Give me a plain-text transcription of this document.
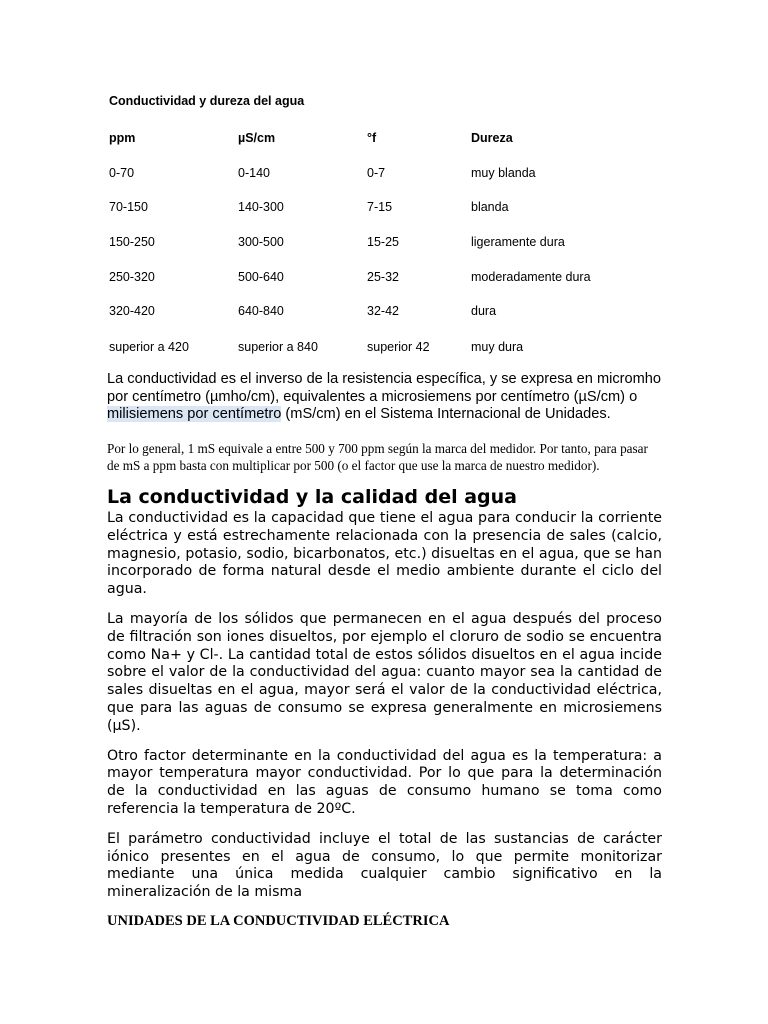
Conductividad y dureza del agua
ppm	µS/cm	°f	Dureza
0-70	0-140	0-7	muy blanda
70-150	140-300	7-15	blanda
150-250	300-500	15-25	ligeramente dura
250-320	500-640	25-32	moderadamente dura
320-420	640-840	32-42	dura
superior a 420	superior a 840	superior 42	muy dura
La conductividad es el inverso de la resistencia específica, y se expresa en micromho por centímetro (µmho/cm), equivalentes a microsiemens por centímetro (µS/cm) o milisiemens por centímetro (mS/cm) en el Sistema Internacional de Unidades.
Por lo general, 1 mS equivale a entre 500 y 700 ppm según la marca del medidor. Por tanto, para pasar de mS a ppm basta con multiplicar por 500 (o el factor que use la marca de nuestro medidor).
La conductividad y la calidad del agua

La conductividad es la capacidad que tiene el agua para conducir la corriente eléctrica y está estrechamente relacionada con la presencia de sales (calcio, magnesio, potasio, sodio, bicarbonatos, etc.) disueltas en el agua, que se han incorporado de forma natural desde el medio ambiente durante el ciclo del agua.

La mayoría de los sólidos que permanecen en el agua después del proceso de filtración son iones disueltos, por ejemplo el cloruro de sodio se encuentra como Na+ y Cl-. La cantidad total de estos sólidos disueltos en el agua incide sobre el valor de la conductividad del agua: cuanto mayor sea la cantidad de sales disueltas en el agua, mayor será el valor de la conductividad eléctrica, que para las aguas de consumo se expresa generalmente en microsiemens (µS).

Otro factor determinante en la conductividad del agua es la temperatura: a mayor temperatura mayor conductividad. Por lo que para la determinación de la conductividad en las aguas de consumo humano se toma como referencia la temperatura de 20ºC.

El parámetro conductividad incluye el total de las sustancias de carácter iónico presentes en el agua de consumo, lo que permite monitorizar mediante una única medida cualquier cambio significativo en la mineralización de la misma

UNIDADES DE LA CONDUCTIVIDAD ELÉCTRICA
